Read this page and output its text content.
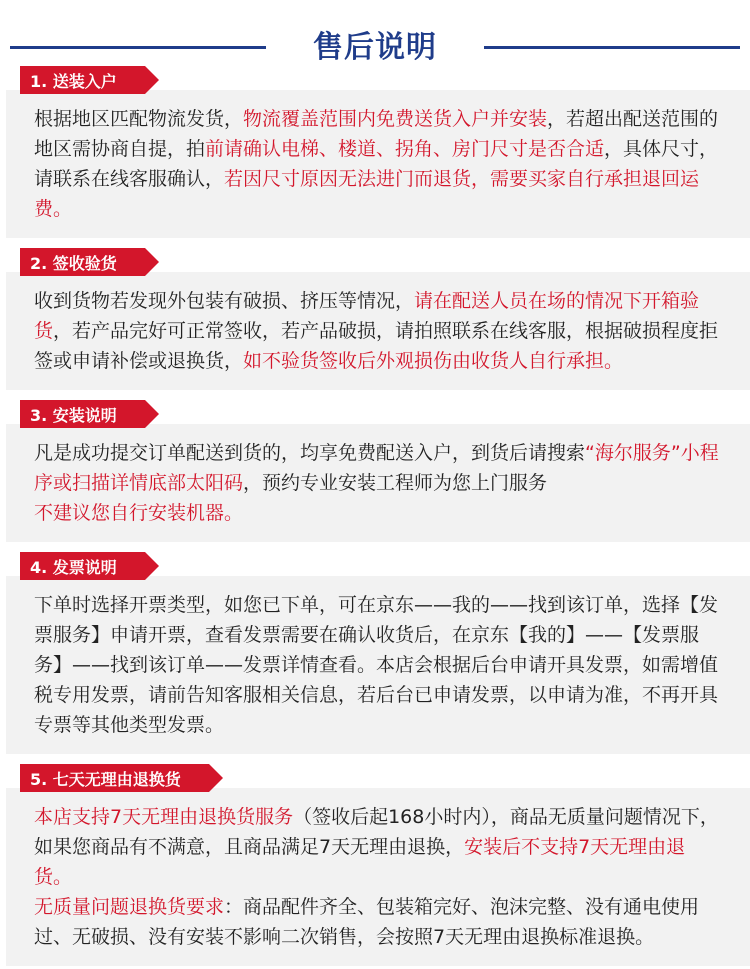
售后说明
1. 送装入户
根据地区匹配物流发货，物流覆盖范围内免费送货入户并安装，若超出配送范围的地区需协商自提，拍前请确认电梯、楼道、拐角、房门尺寸是否合适，具体尺寸，请联系在线客服确认，若因尺寸原因无法进门而退货，需要买家自行承担退回运费。
2. 签收验货
收到货物若发现外包装有破损、挤压等情况，请在配送人员在场的情况下开箱验货，若产品完好可正常签收，若产品破损，请拍照联系在线客服，根据破损程度拒签或申请补偿或退换货，如不验货签收后外观损伤由收货人自行承担。
3. 安装说明
凡是成功提交订单配送到货的，均享免费配送入户，到货后请搜索“海尔服务”小程序或扫描详情底部太阳码，预约专业安装工程师为您上门服务
不建议您自行安装机器。
4. 发票说明
下单时选择开票类型，如您已下单，可在京东——我的——找到该订单，选择【发票服务】申请开票，查看发票需要在确认收货后，在京东【我的】——【发票服务】——找到该订单——发票详情查看。本店会根据后台申请开具发票，如需增值税专用发票，请前告知客服相关信息，若后台已申请发票，以申请为准，不再开具专票等其他类型发票。
5. 七天无理由退换货
本店支持7天无理由退换货服务（签收后起168小时内），商品无质量问题情况下，如果您商品有不满意，且商品满足7天无理由退换，安装后不支持7天无理由退货。
无质量问题退换货要求：商品配件齐全、包装箱完好、泡沫完整、没有通电使用过、无破损、没有安装不影响二次销售，会按照7天无理由退换标准退换。
